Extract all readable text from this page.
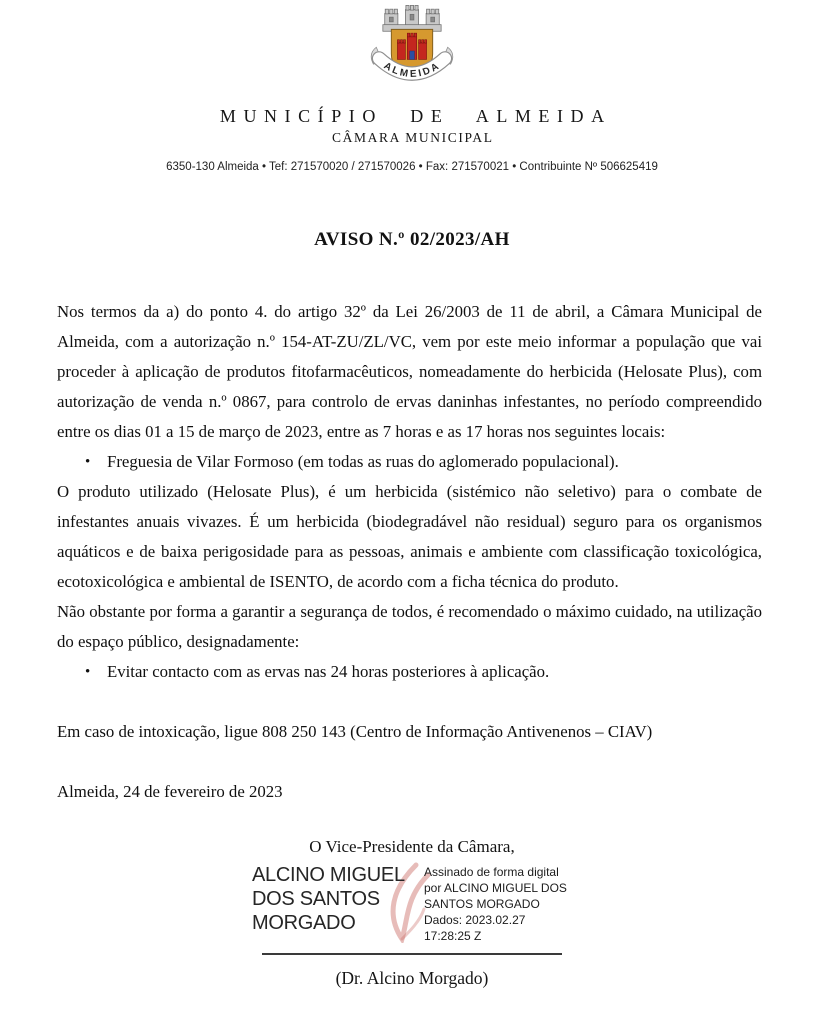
ALMEIDA
MUNICÍPIO DE ALMEIDA
CÂMARA MUNICIPAL
6350-130 Almeida • Tef: 271570020 / 271570026 • Fax: 271570021 • Contribuinte Nº 506625419
AVISO N.º 02/2023/AH

Nos termos da a) do ponto 4. do artigo 32º da Lei 26/2003 de 11 de abril, a Câmara Municipal de Almeida, com a autorização n.º 154-AT-ZU/ZL/VC, vem por este meio informar a população que vai proceder à aplicação de produtos fitofarmacêuticos, nomeadamente do herbicida (Helosate Plus), com autorização de venda n.º 0867, para controlo de ervas daninhas infestantes, no período compreendido entre os dias 01 a 15 de março de 2023, entre as 7 horas e as 17 horas nos seguintes locais:

• Freguesia de Vilar Formoso (em todas as ruas do aglomerado populacional).

O produto utilizado (Helosate Plus), é um herbicida (sistémico não seletivo) para o combate de infestantes anuais vivazes. É um herbicida (biodegradável não residual) seguro para os organismos aquáticos e de baixa perigosidade para as pessoas, animais e ambiente com classificação toxicológica, ecotoxicológica e ambiental de ISENTO, de acordo com a ficha técnica do produto.

Não obstante por forma a garantir a segurança de todos, é recomendado o máximo cuidado, na utilização do espaço público, designadamente:

• Evitar contacto com as ervas nas 24 horas posteriores à aplicação.

Em caso de intoxicação, ligue 808 250 143 (Centro de Informação Antivenenos – CIAV)

Almeida, 24 de fevereiro de 2023

O Vice-Presidente da Câmara,
ALCINO MIGUEL DOS SANTOS MORGADO
Assinado de forma digital por ALCINO MIGUEL DOS SANTOS MORGADO
Dados: 2023.02.27 17:28:25 Z
(Dr. Alcino Morgado)
